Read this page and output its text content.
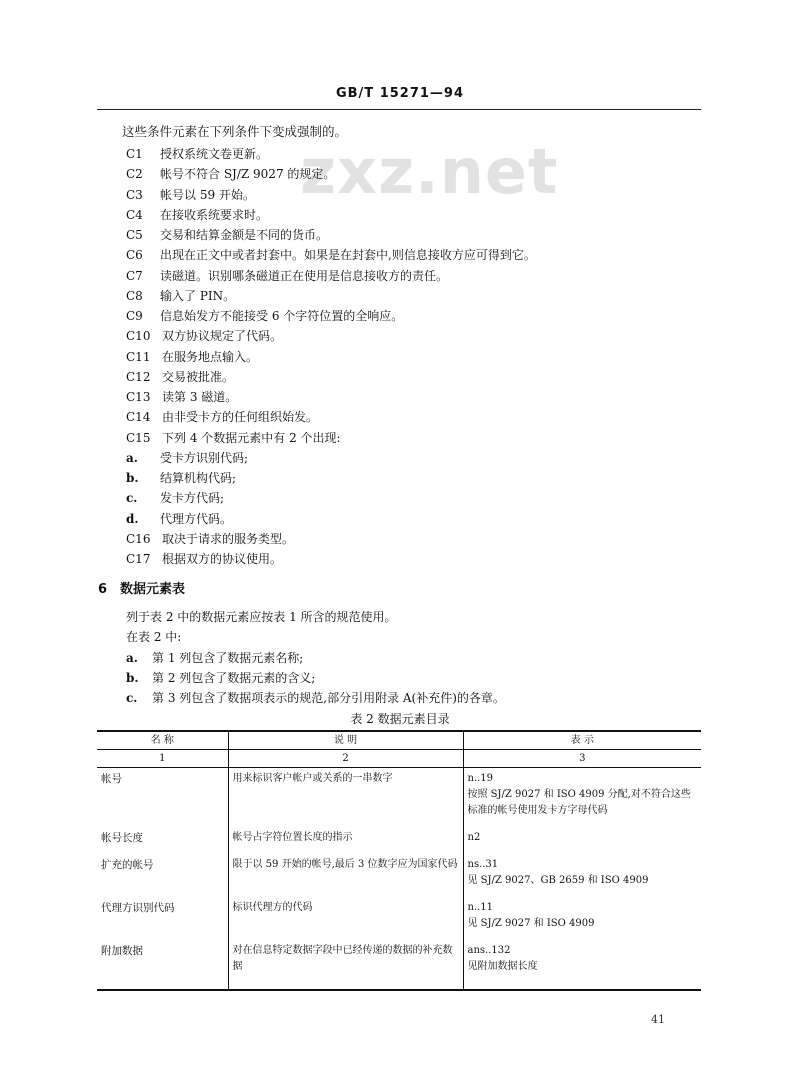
zxz.net
GB/T 15271—94
这些条件元素在下列条件下变成强制的。
C1 授权系统文卷更新。
C2 帐号不符合 SJ/Z 9027 的规定。
C3 帐号以 59 开始。
C4 在接收系统要求时。
C5 交易和结算金额是不同的货币。
C6 出现在正文中或者封套中。如果是在封套中,则信息接收方应可得到它。
C7 读磁道。识别哪条磁道正在使用是信息接收方的责任。
C8 输入了 PIN。
C9 信息始发方不能接受 6 个字符位置的全响应。
C10 双方协议规定了代码。
C11 在服务地点输入。
C12 交易被批准。
C13 读第 3 磁道。
C14 由非受卡方的任何组织始发。
C15 下列 4 个数据元素中有 2 个出现:
a. 受卡方识别代码;
b. 结算机构代码;
c. 发卡方代码;
d. 代理方代码。
C16 取决于请求的服务类型。
C17 根据双方的协议使用。
6 数据元素表
列于表 2 中的数据元素应按表 1 所含的规范使用。
在表 2 中:
a. 第 1 列包含了数据元素名称;
b. 第 2 列包含了数据元素的含义;
c. 第 3 列包含了数据项表示的规范,部分引用附录 A(补充件)的各章。
表 2 数据元素目录
名 称	说 明	表 示
1	2	3
帐号	用来标识客户帐户或关系的一串数字	n..19
按照 SJ/Z 9027 和 ISO 4909 分配,对不符合这些标准的帐号使用发卡方字母代码

帐号长度	帐号占字符位置长度的指示	n2

扩充的帐号	限于以 59 开始的帐号,最后 3 位数字应为国家代码	ns..31
见 SJ/Z 9027、GB 2659 和 ISO 4909

代理方识别代码	标识代理方的代码	n..11
见 SJ/Z 9027 和 ISO 4909

附加数据	对在信息特定数据字段中已经传递的数据的补充数据	ans..132
见附加数据长度
41
